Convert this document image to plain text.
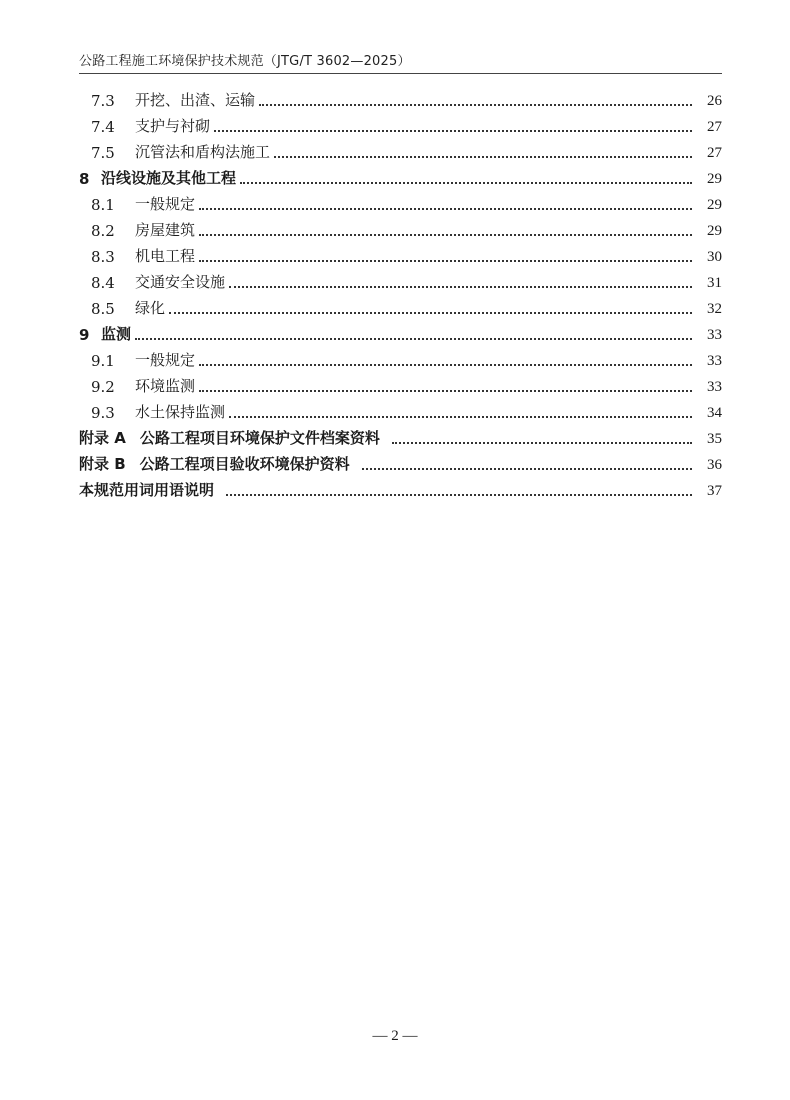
公路工程施工环境保护技术规范（JTG/T 3602—2025）
7.3	开挖、出渣、运输	26
7.4	支护与衬砌	27
7.5	沉管法和盾构法施工	27
8 沿线设施及其他工程	29
8.1	一般规定	29
8.2	房屋建筑	29
8.3	机电工程	30
8.4	交通安全设施	31
8.5	绿化	32
9 监测	33
9.1	一般规定	33
9.2	环境监测	33
9.3	水土保持监测	34
附录 A 公路工程项目环境保护文件档案资料	35
附录 B 公路工程项目验收环境保护资料	36
本规范用词用语说明	37
— 2 —
